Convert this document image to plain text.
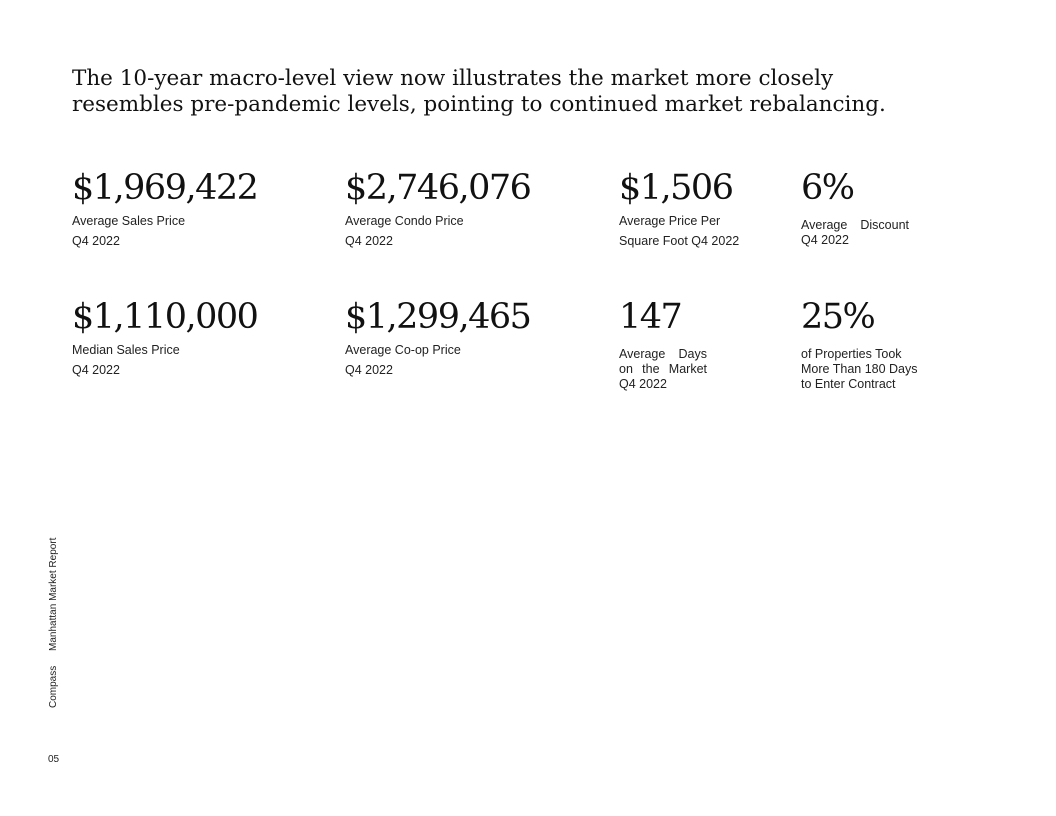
The 10-year macro-level view now illustrates the market more closely resembles pre-pandemic levels, pointing to continued market rebalancing.

$1,969,422
Average Sales Price
Q4 2022
$2,746,076
Average Condo Price
Q4 2022
$1,506
Average Price Per
Square Foot Q4 2022
6%
Average Discount
Q4 2022
$1,110,000
Median Sales Price
Q4 2022
$1,299,465
Average Co-op Price
Q4 2022
147
Average Days
on the Market
Q4 2022
25%
of Properties Took
More Than 180 Days
to Enter Contract
Compass Manhattan Market Report
05
